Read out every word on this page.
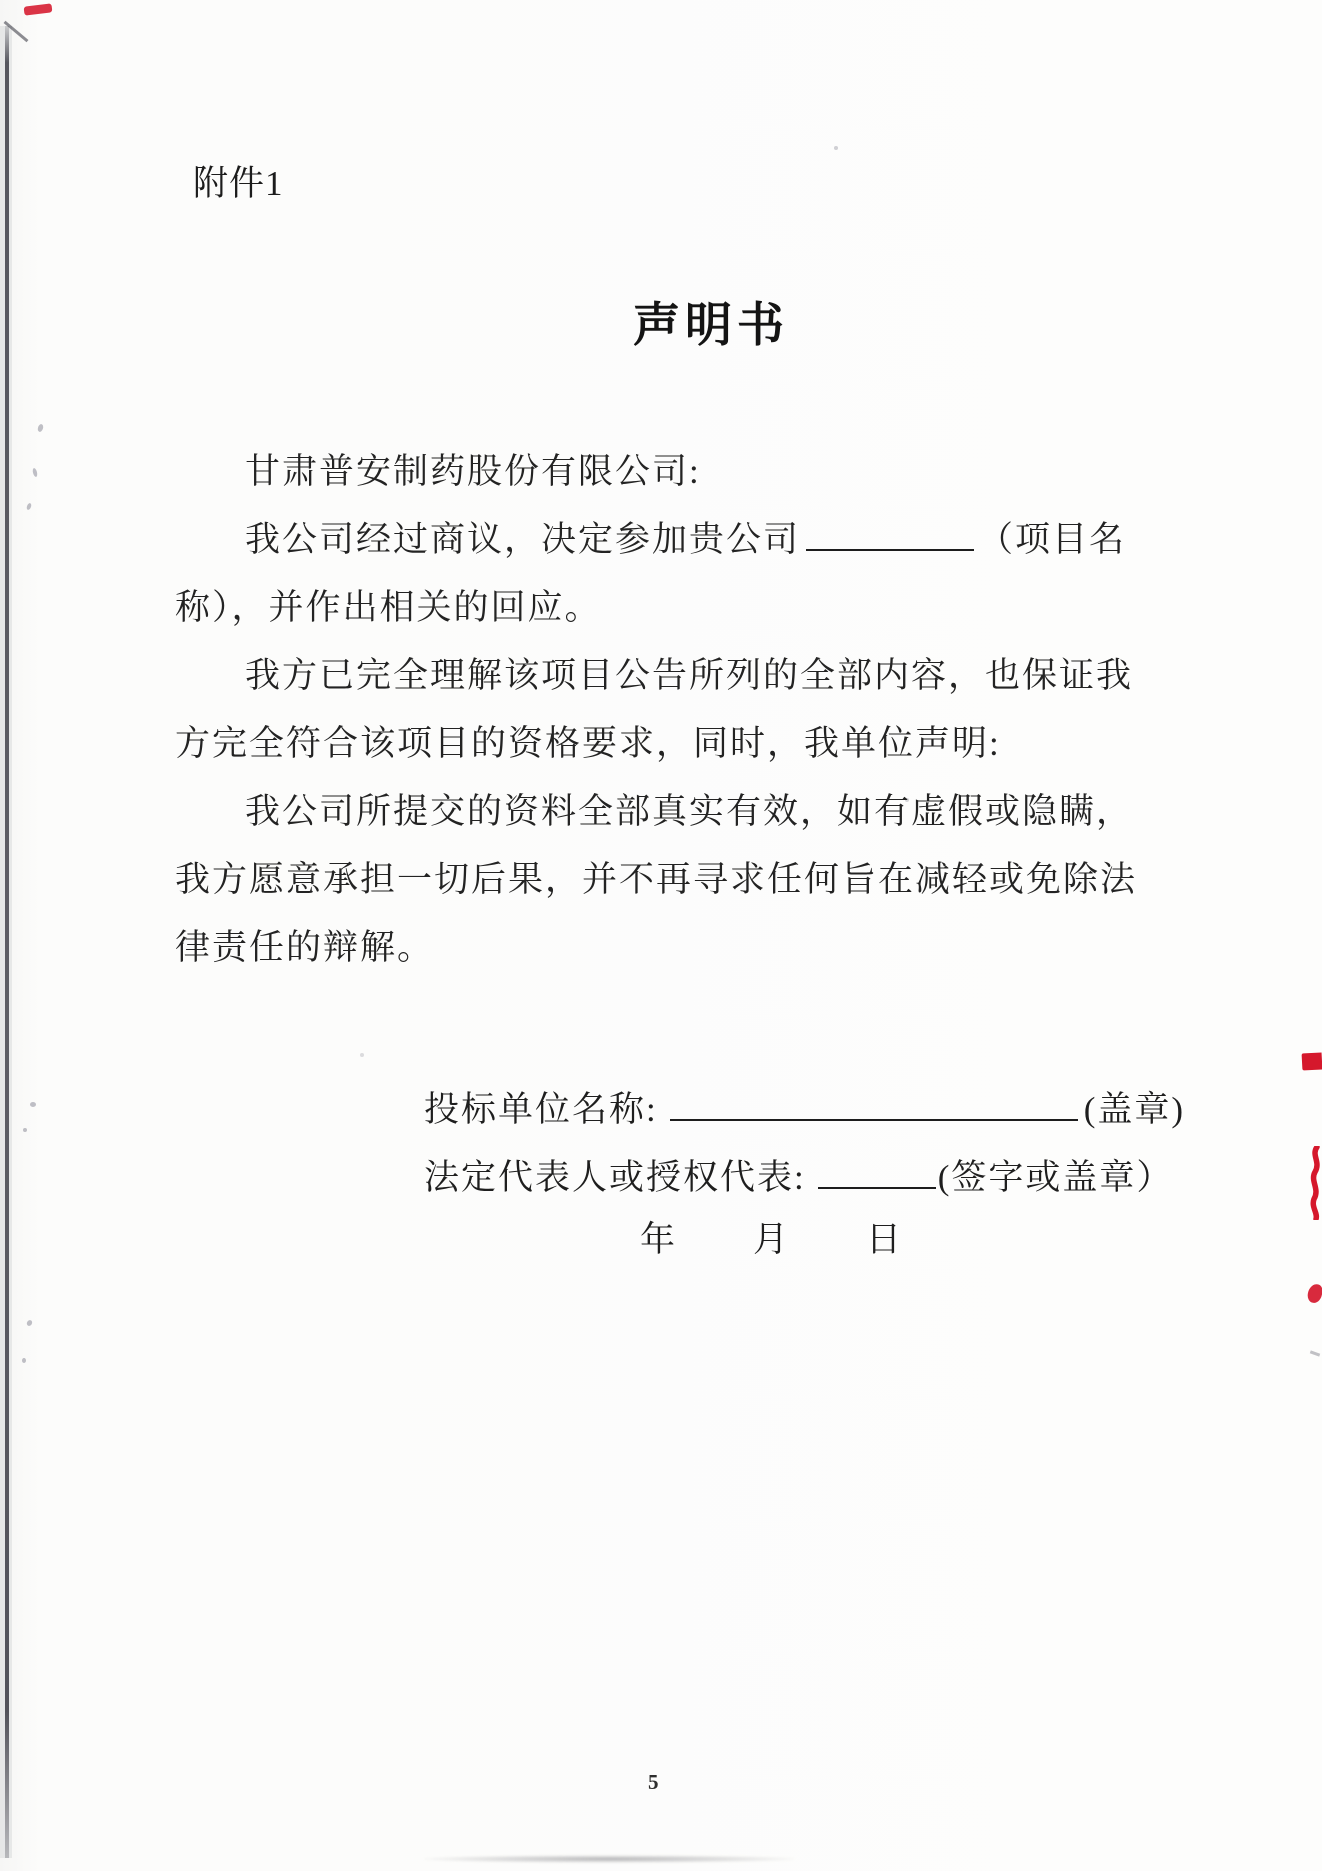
附件1
声明书

甘肃普安制药股份有限公司:

我公司经过商议，决定参加贵公司	（项目名

称），并作出相关的回应。

我方已完全理解该项目公告所列的全部内容，也保证我

方完全符合该项目的资格要求，同时，我单位声明:

我公司所提交的资料全部真实有效，如有虚假或隐瞒，

我方愿意承担一切后果，并不再寻求任何旨在减轻或免除法

律责任的辩解。

投标单位名称:	(盖章)
法定代表人或授权代表:	(签字或盖章）
年 月 日
5
